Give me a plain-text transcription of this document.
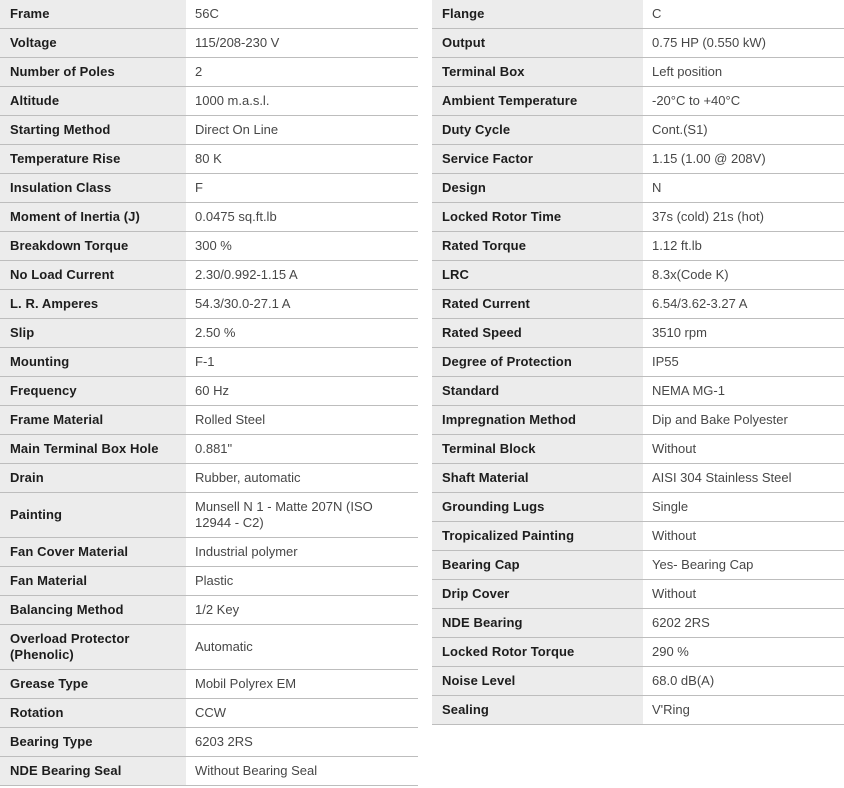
Frame	56C
Voltage	115/208-230 V
Number of Poles	2
Altitude	1000 m.a.s.l.
Starting Method	Direct On Line
Temperature Rise	80 K
Insulation Class	F
Moment of Inertia (J)	0.0475 sq.ft.lb
Breakdown Torque	300 %
No Load Current	2.30/0.992-1.15 A
L. R. Amperes	54.3/30.0-27.1 A
Slip	2.50 %
Mounting	F-1
Frequency	60 Hz
Frame Material	Rolled Steel
Main Terminal Box Hole	0.881"
Drain	Rubber, automatic
Painting	Munsell N 1 - Matte 207N (ISO 12944 - C2)
Fan Cover Material	Industrial polymer
Fan Material	Plastic
Balancing Method	1/2 Key
Overload Protector (Phenolic)	Automatic
Grease Type	Mobil Polyrex EM
Rotation	CCW
Bearing Type	6203 2RS
NDE Bearing Seal	Without Bearing Seal
Flange	C
Output	0.75 HP (0.550 kW)
Terminal Box	Left position
Ambient Temperature	-20°C to +40°C
Duty Cycle	Cont.(S1)
Service Factor	1.15 (1.00 @ 208V)
Design	N
Locked Rotor Time	37s (cold) 21s (hot)
Rated Torque	1.12 ft.lb
LRC	8.3x(Code K)
Rated Current	6.54/3.62-3.27 A
Rated Speed	3510 rpm
Degree of Protection	IP55
Standard	NEMA MG-1
Impregnation Method	Dip and Bake Polyester
Terminal Block	Without
Shaft Material	AISI 304 Stainless Steel
Grounding Lugs	Single
Tropicalized Painting	Without
Bearing Cap	Yes- Bearing Cap
Drip Cover	Without
NDE Bearing	6202 2RS
Locked Rotor Torque	290 %
Noise Level	68.0 dB(A)
Sealing	V'Ring
